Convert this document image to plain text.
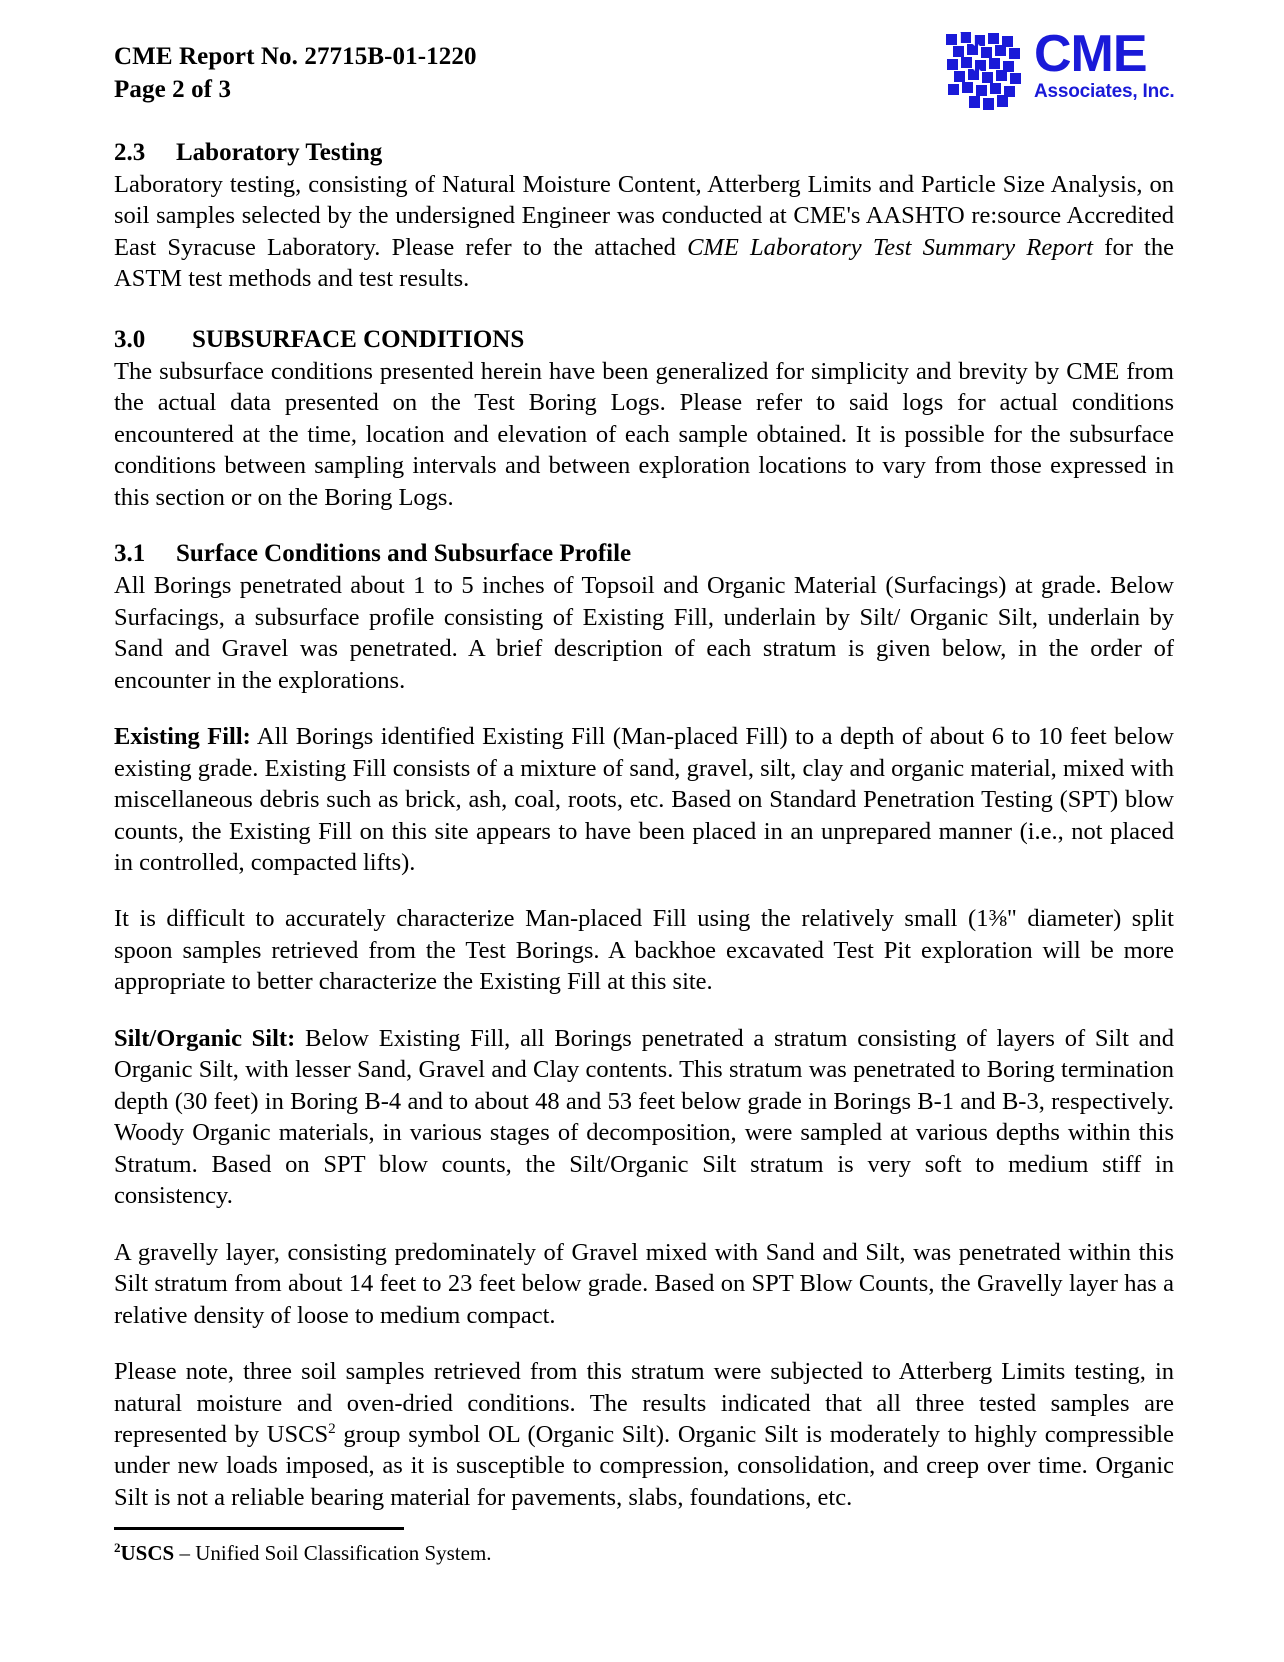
CME Report No. 27715B-01-1220
Page 2 of 3
CME
Associates, Inc.
2.3 Laboratory Testing

Laboratory testing, consisting of Natural Moisture Content, Atterberg Limits and Particle Size Analysis, on soil samples selected by the undersigned Engineer was conducted at CME's AASHTO re:source Accredited East Syracuse Laboratory. Please refer to the attached CME Laboratory Test Summary Report for the ASTM test methods and test results.

3.0 SUBSURFACE CONDITIONS

The subsurface conditions presented herein have been generalized for simplicity and brevity by CME from the actual data presented on the Test Boring Logs. Please refer to said logs for actual conditions encountered at the time, location and elevation of each sample obtained. It is possible for the subsurface conditions between sampling intervals and between exploration locations to vary from those expressed in this section or on the Boring Logs.

3.1 Surface Conditions and Subsurface Profile

All Borings penetrated about 1 to 5 inches of Topsoil and Organic Material (Surfacings) at grade. Below Surfacings, a subsurface profile consisting of Existing Fill, underlain by Silt/ Organic Silt, underlain by Sand and Gravel was penetrated. A brief description of each stratum is given below, in the order of encounter in the explorations.

Existing Fill: All Borings identified Existing Fill (Man-placed Fill) to a depth of about 6 to 10 feet below existing grade. Existing Fill consists of a mixture of sand, gravel, silt, clay and organic material, mixed with miscellaneous debris such as brick, ash, coal, roots, etc. Based on Standard Penetration Testing (SPT) blow counts, the Existing Fill on this site appears to have been placed in an unprepared manner (i.e., not placed in controlled, compacted lifts).

It is difficult to accurately characterize Man-placed Fill using the relatively small (1⅜" diameter) split spoon samples retrieved from the Test Borings. A backhoe excavated Test Pit exploration will be more appropriate to better characterize the Existing Fill at this site.

Silt/Organic Silt: Below Existing Fill, all Borings penetrated a stratum consisting of layers of Silt and Organic Silt, with lesser Sand, Gravel and Clay contents. This stratum was penetrated to Boring termination depth (30 feet) in Boring B-4 and to about 48 and 53 feet below grade in Borings B-1 and B-3, respectively. Woody Organic materials, in various stages of decomposition, were sampled at various depths within this Stratum. Based on SPT blow counts, the Silt/Organic Silt stratum is very soft to medium stiff in consistency.

A gravelly layer, consisting predominately of Gravel mixed with Sand and Silt, was penetrated within this Silt stratum from about 14 feet to 23 feet below grade. Based on SPT Blow Counts, the Gravelly layer has a relative density of loose to medium compact.

Please note, three soil samples retrieved from this stratum were subjected to Atterberg Limits testing, in natural moisture and oven-dried conditions. The results indicated that all three tested samples are represented by USCS$^2$ group symbol OL (Organic Silt). Organic Silt is moderately to highly compressible under new loads imposed, as it is susceptible to compression, consolidation, and creep over time. Organic Silt is not a reliable bearing material for pavements, slabs, foundations, etc.

$^2$USCS – Unified Soil Classification System.
